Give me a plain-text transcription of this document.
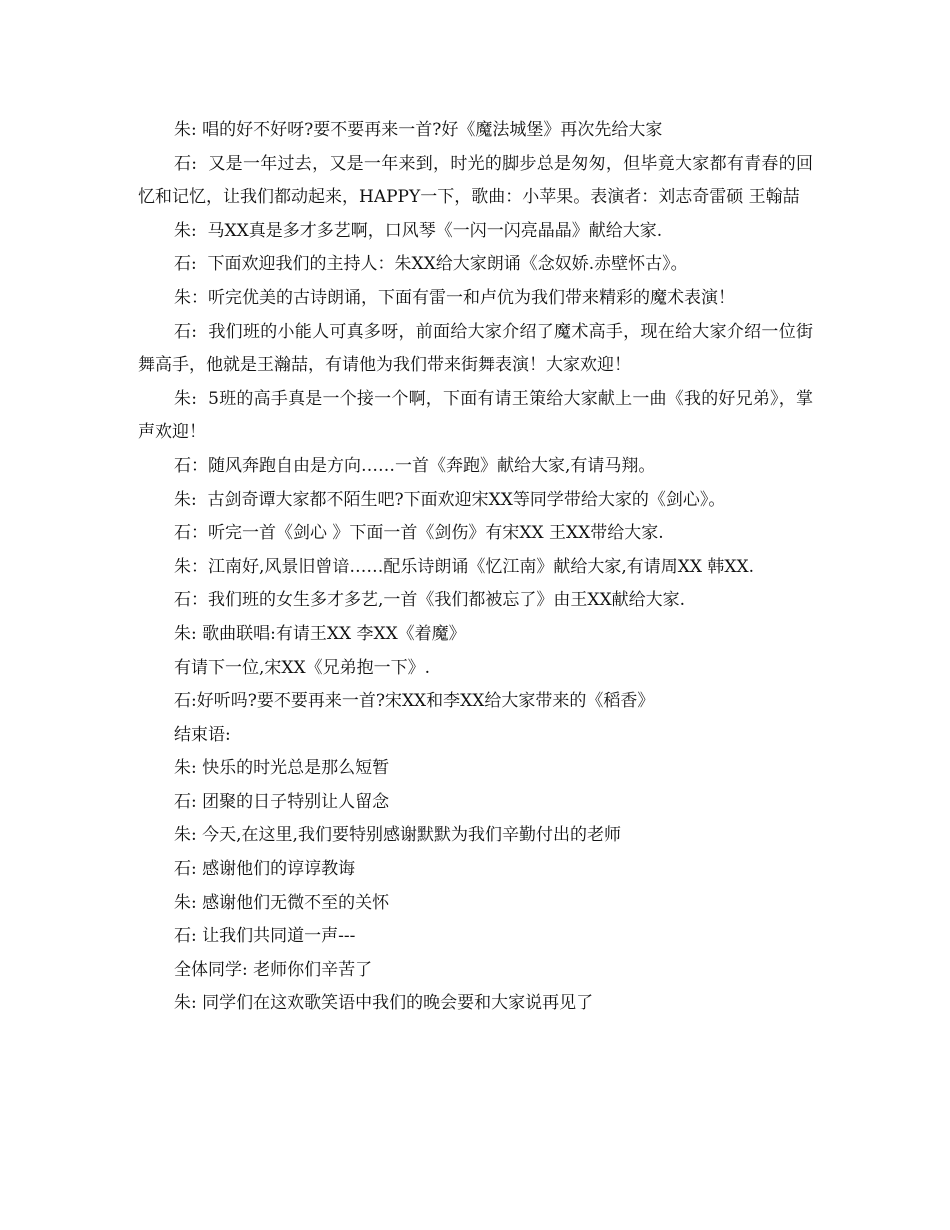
朱: 唱的好不好呀?要不要再来一首?好《魔法城堡》再次先给大家

石:  又是一年过去，又是一年来到，时光的脚步总是匆匆，但毕竟大家都有青春的回忆和记忆，让我们都动起来，HAPPY一下，歌曲：小苹果。表演者：刘志奇雷硕 王翰喆

朱:  马XX真是多才多艺啊，口风琴《一闪一闪亮晶晶》献给大家.

石:  下面欢迎我们的主持人：朱XX给大家朗诵《念奴娇.赤壁怀古》。

朱：听完优美的古诗朗诵，下面有雷一和卢伉为我们带来精彩的魔术表演！

石:  我们班的小能人可真多呀，前面给大家介绍了魔术高手，现在给大家介绍一位街舞高手，他就是王瀚喆，有请他为我们带来街舞表演！大家欢迎！

朱:  5班的高手真是一个接一个啊，下面有请王策给大家献上一曲《我的好兄弟》，掌声欢迎！

石：随风奔跑自由是方向……一首《奔跑》献给大家,有请马翔。

朱:  古剑奇谭大家都不陌生吧?下面欢迎宋XX等同学带给大家的《剑心》。

石：听完一首《剑心 》下面一首《剑伤》有宋XX 王XX带给大家.

朱：江南好,风景旧曾谙……配乐诗朗诵《忆江南》献给大家,有请周XX 韩XX.

石：我们班的女生多才多艺,一首《我们都被忘了》由王XX献给大家.

朱: 歌曲联唱:有请王XX 李XX《着魔》

有请下一位,宋XX《兄弟抱一下》.

石:好听吗?要不要再来一首?宋XX和李XX给大家带来的《稻香》

结束语:

朱: 快乐的时光总是那么短暂

石: 团聚的日子特别让人留念

朱: 今天,在这里,我们要特别感谢默默为我们辛勤付出的老师

石: 感谢他们的谆谆教诲

朱: 感谢他们无微不至的关怀

石: 让我们共同道一声---

全体同学: 老师你们辛苦了

朱: 同学们在这欢歌笑语中我们的晚会要和大家说再见了
